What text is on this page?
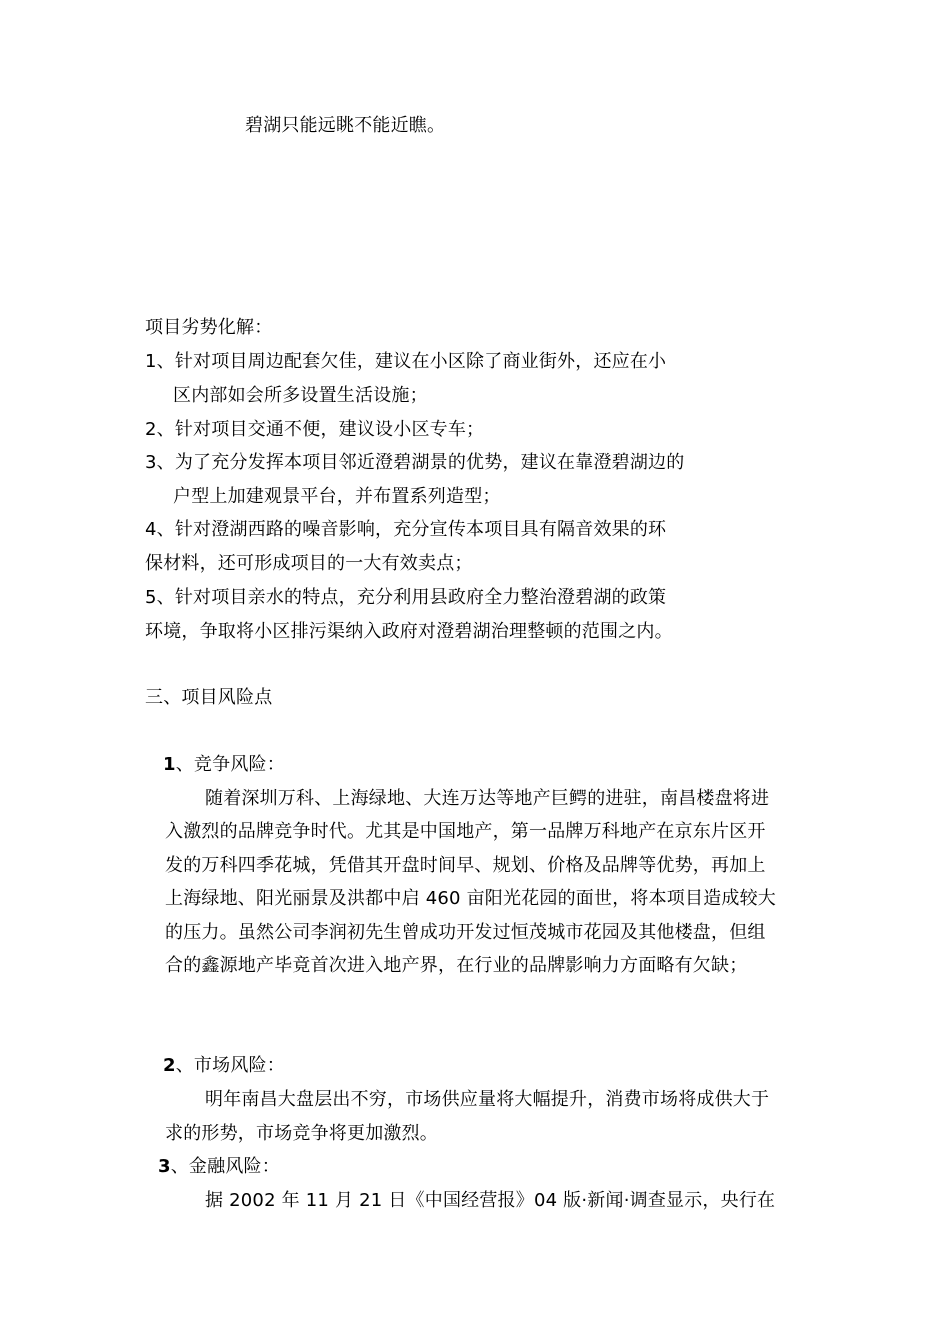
碧湖只能远眺不能近瞧。
项目劣势化解：
1、针对项目周边配套欠佳，建议在小区除了商业街外，还应在小
区内部如会所多设置生活设施；
2、针对项目交通不便，建议设小区专车；
3、为了充分发挥本项目邻近澄碧湖景的优势，建议在靠澄碧湖边的
户型上加建观景平台，并布置系列造型；
4、针对澄湖西路的噪音影响，充分宣传本项目具有隔音效果的环
保材料，还可形成项目的一大有效卖点；
5、针对项目亲水的特点，充分利用县政府全力整治澄碧湖的政策
环境，争取将小区排污渠纳入政府对澄碧湖治理整顿的范围之内。
三、项目风险点
1、竞争风险：
随着深圳万科、上海绿地、大连万达等地产巨鳄的进驻，南昌楼盘将进
入激烈的品牌竞争时代。尤其是中国地产，第一品牌万科地产在京东片区开
发的万科四季花城，凭借其开盘时间早、规划、价格及品牌等优势，再加上
上海绿地、阳光丽景及洪都中启 460 亩阳光花园的面世，将本项目造成较大
的压力。虽然公司李润初先生曾成功开发过恒茂城市花园及其他楼盘，但组
合的鑫源地产毕竟首次进入地产界，在行业的品牌影响力方面略有欠缺；
2、市场风险：
明年南昌大盘层出不穷，市场供应量将大幅提升，消费市场将成供大于
求的形势，市场竞争将更加激烈。
3、金融风险：
据 2002 年 11 月 21 日《中国经营报》04 版·新闻·调查显示，央行在
